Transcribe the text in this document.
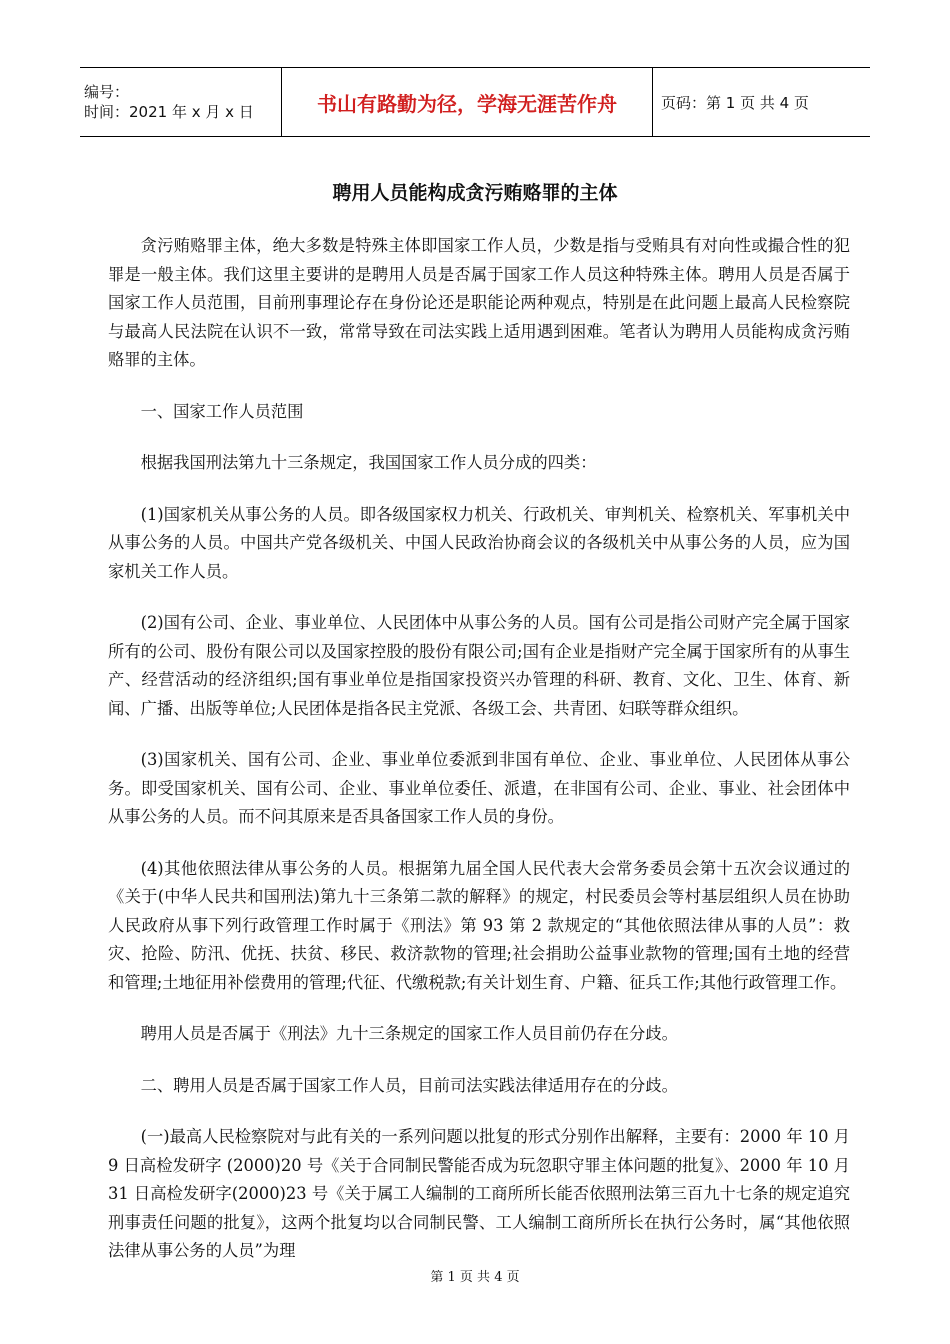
编号：
时间：2021 年 x 月 x 日	书山有路勤为径，学海无涯苦作舟	页码：第 1 页 共 4 页
聘用人员能构成贪污贿赂罪的主体

贪污贿赂罪主体，绝大多数是特殊主体即国家工作人员，少数是指与受贿具有对向性或撮合性的犯罪是一般主体。我们这里主要讲的是聘用人员是否属于国家工作人员这种特殊主体。聘用人员是否属于国家工作人员范围，目前刑事理论存在身份论还是职能论两种观点，特别是在此问题上最高人民检察院与最高人民法院在认识不一致，常常导致在司法实践上适用遇到困难。笔者认为聘用人员能构成贪污贿赂罪的主体。

一、国家工作人员范围

根据我国刑法第九十三条规定，我国国家工作人员分成的四类：

(1)国家机关从事公务的人员。即各级国家权力机关、行政机关、审判机关、检察机关、军事机关中从事公务的人员。中国共产党各级机关、中国人民政治协商会议的各级机关中从事公务的人员，应为国家机关工作人员。

(2)国有公司、企业、事业单位、人民团体中从事公务的人员。国有公司是指公司财产完全属于国家所有的公司、股份有限公司以及国家控股的股份有限公司;国有企业是指财产完全属于国家所有的从事生产、经营活动的经济组织;国有事业单位是指国家投资兴办管理的科研、教育、文化、卫生、体育、新闻、广播、出版等单位;人民团体是指各民主党派、各级工会、共青团、妇联等群众组织。

(3)国家机关、国有公司、企业、事业单位委派到非国有单位、企业、事业单位、人民团体从事公务。即受国家机关、国有公司、企业、事业单位委任、派遣，在非国有公司、企业、事业、社会团体中从事公务的人员。而不问其原来是否具备国家工作人员的身份。

(4)其他依照法律从事公务的人员。根据第九届全国人民代表大会常务委员会第十五次会议通过的《关于(中华人民共和国刑法)第九十三条第二款的解释》的规定，村民委员会等村基层组织人员在协助人民政府从事下列行政管理工作时属于《刑法》第 93 第 2 款规定的“其他依照法律从事的人员”：救灾、抢险、防汛、优抚、扶贫、移民、救济款物的管理;社会捐助公益事业款物的管理;国有土地的经营和管理;土地征用补偿费用的管理;代征、代缴税款;有关计划生育、户籍、征兵工作;其他行政管理工作。

聘用人员是否属于《刑法》九十三条规定的国家工作人员目前仍存在分歧。

二、聘用人员是否属于国家工作人员，目前司法实践法律适用存在的分歧。

(一)最高人民检察院对与此有关的一系列问题以批复的形式分别作出解释，主要有：2000 年 10 月 9 日高检发研字 (2000)20 号《关于合同制民警能否成为玩忽职守罪主体问题的批复》、2000 年 10 月 31 日高检发研字(2000)23 号《关于属工人编制的工商所所长能否依照刑法第三百九十七条的规定追究刑事责任问题的批复》，这两个批复均以合同制民警、工人编制工商所所长在执行公务时，属“其他依照法律从事公务的人员”为理

第 1 页 共 4 页
